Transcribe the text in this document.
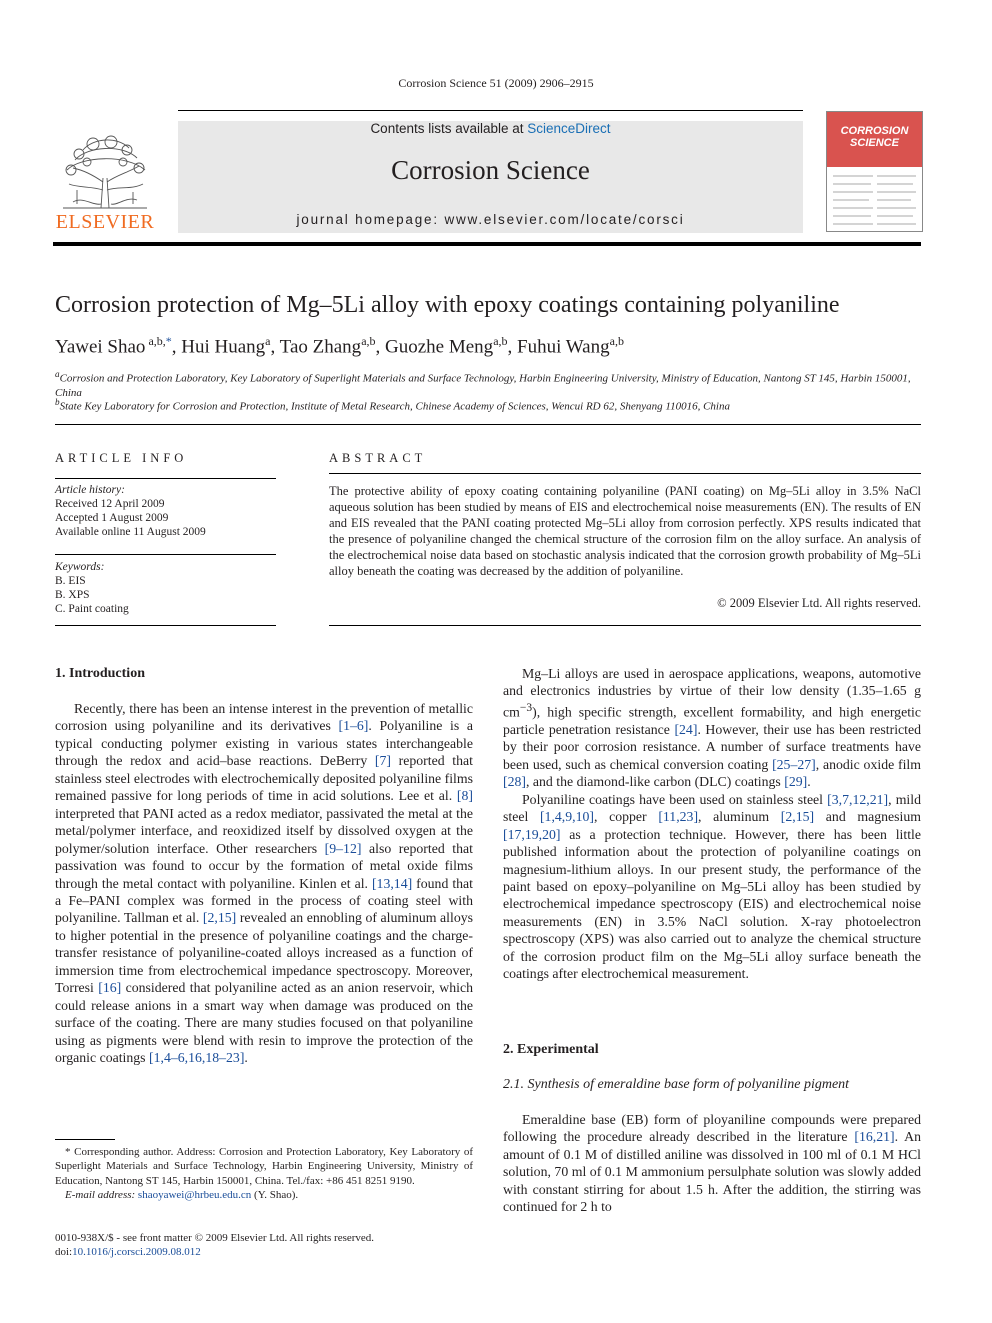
Corrosion Science 51 (2009) 2906–2915
Contents lists available at ScienceDirect
Corrosion Science
journal homepage: www.elsevier.com/locate/corsci
ELSEVIER
CORROSION
SCIENCE
Corrosion protection of Mg–5Li alloy with epoxy coatings containing polyaniline
Yawei Shao $^{a,b,*}$, Hui Huang$^a$, Tao Zhang$^{a,b}$, Guozhe Meng$^{a,b}$, Fuhui Wang$^{a,b}$
$^a$Corrosion and Protection Laboratory, Key Laboratory of Superlight Materials and Surface Technology, Harbin Engineering University, Ministry of Education, Nantong ST 145, Harbin 150001, China
$^b$State Key Laboratory for Corrosion and Protection, Institute of Metal Research, Chinese Academy of Sciences, Wencui RD 62, Shenyang 110016, China
ARTICLE INFO
Article history:
Received 12 April 2009
Accepted 1 August 2009
Available online 11 August 2009
Keywords:
B. EIS
B. XPS
C. Paint coating
ABSTRACT
The protective ability of epoxy coating containing polyaniline (PANI coating) on Mg–5Li alloy in 3.5% NaCl aqueous solution has been studied by means of EIS and electrochemical noise measurements (EN). The results of EN and EIS revealed that the PANI coating protected Mg–5Li alloy from corrosion perfectly. XPS results indicated that the presence of polyaniline changed the chemical structure of the corrosion film on the alloy surface. An analysis of the electrochemical noise data based on stochastic analysis indicated that the corrosion growth probability of Mg–5Li alloy beneath the coating was decreased by the addition of polyaniline.
© 2009 Elsevier Ltd. All rights reserved.
1. Introduction

Recently, there has been an intense interest in the prevention of metallic corrosion using polyaniline and its derivatives [1–6]. Polyaniline is a typical conducting polymer existing in various states interchangeable through the redox and acid–base reactions. DeBerry [7] reported that stainless steel electrodes with electrochemically deposited polyaniline films remained passive for long periods of time in acid solutions. Lee et al. [8] interpreted that PANI acted as a redox mediator, passivated the metal at the metal/polymer interface, and reoxidized itself by dissolved oxygen at the polymer/solution interface. Other researchers [9–12] also reported that passivation was found to occur by the formation of metal oxide films through the metal contact with polyaniline. Kinlen et al. [13,14] found that a Fe–PANI complex was formed in the process of coating steel with polyaniline. Tallman et al. [2,15] revealed an ennobling of aluminum alloys to higher potential in the presence of polyaniline coatings and the charge-transfer resistance of polyaniline-coated alloys increased as a function of immersion time from electrochemical impedance spectroscopy. Moreover, Torresi [16] considered that polyaniline acted as an anion reservoir, which could release anions in a smart way when damage was produced on the surface of the coating. There are many studies focused on that polyaniline using as pigments were blend with resin to improve the protection of the organic coatings [1,4–6,16,18–23].

* Corresponding author. Address: Corrosion and Protection Laboratory, Key Laboratory of Superlight Materials and Surface Technology, Harbin Engineering University, Ministry of Education, Nantong ST 145, Harbin 150001, China. Tel./fax: +86 451 8251 9190.

E-mail address: shaoyawei@hrbeu.edu.cn (Y. Shao).

0010-938X/$ - see front matter © 2009 Elsevier Ltd. All rights reserved.
doi:10.1016/j.corsci.2009.08.012

Mg–Li alloys are used in aerospace applications, weapons, automotive and electronics industries by virtue of their low density (1.35–1.65 g $cm^{-3}$), high specific strength, excellent formability, and high energetic particle penetration resistance [24]. However, their use has been restricted by their poor corrosion resistance. A number of surface treatments have been used, such as chemical conversion coating [25–27], anodic oxide film [28], and the diamond-like carbon (DLC) coatings [29].

Polyaniline coatings have been used on stainless steel [3,7,12,21], mild steel [1,4,9,10], copper [11,23], aluminum [2,15] and magnesium [17,19,20] as a protection technique. However, there has been little published information about the protection of polyaniline coatings on magnesium-lithium alloys. In our present study, the performance of the paint based on epoxy–polyaniline on Mg–5Li alloy has been studied by electrochemical impedance spectroscopy (EIS) and electrochemical noise measurements (EN) in 3.5% NaCl solution. X-ray photoelectron spectroscopy (XPS) was also carried out to analyze the chemical structure of the corrosion product film on the Mg–5Li alloy surface beneath the coatings after electrochemical measurement.

2. Experimental
2.1. Synthesis of emeraldine base form of polyaniline pigment

Emeraldine base (EB) form of ployaniline compounds were prepared following the procedure already described in the literature [16,21]. An amount of 0.1 M of distilled aniline was dissolved in 100 ml of 0.1 M HCl solution, 70 ml of 0.1 M ammonium persulphate solution was slowly added with constant stirring for about 1.5 h. After the addition, the stirring was continued for 2 h to
